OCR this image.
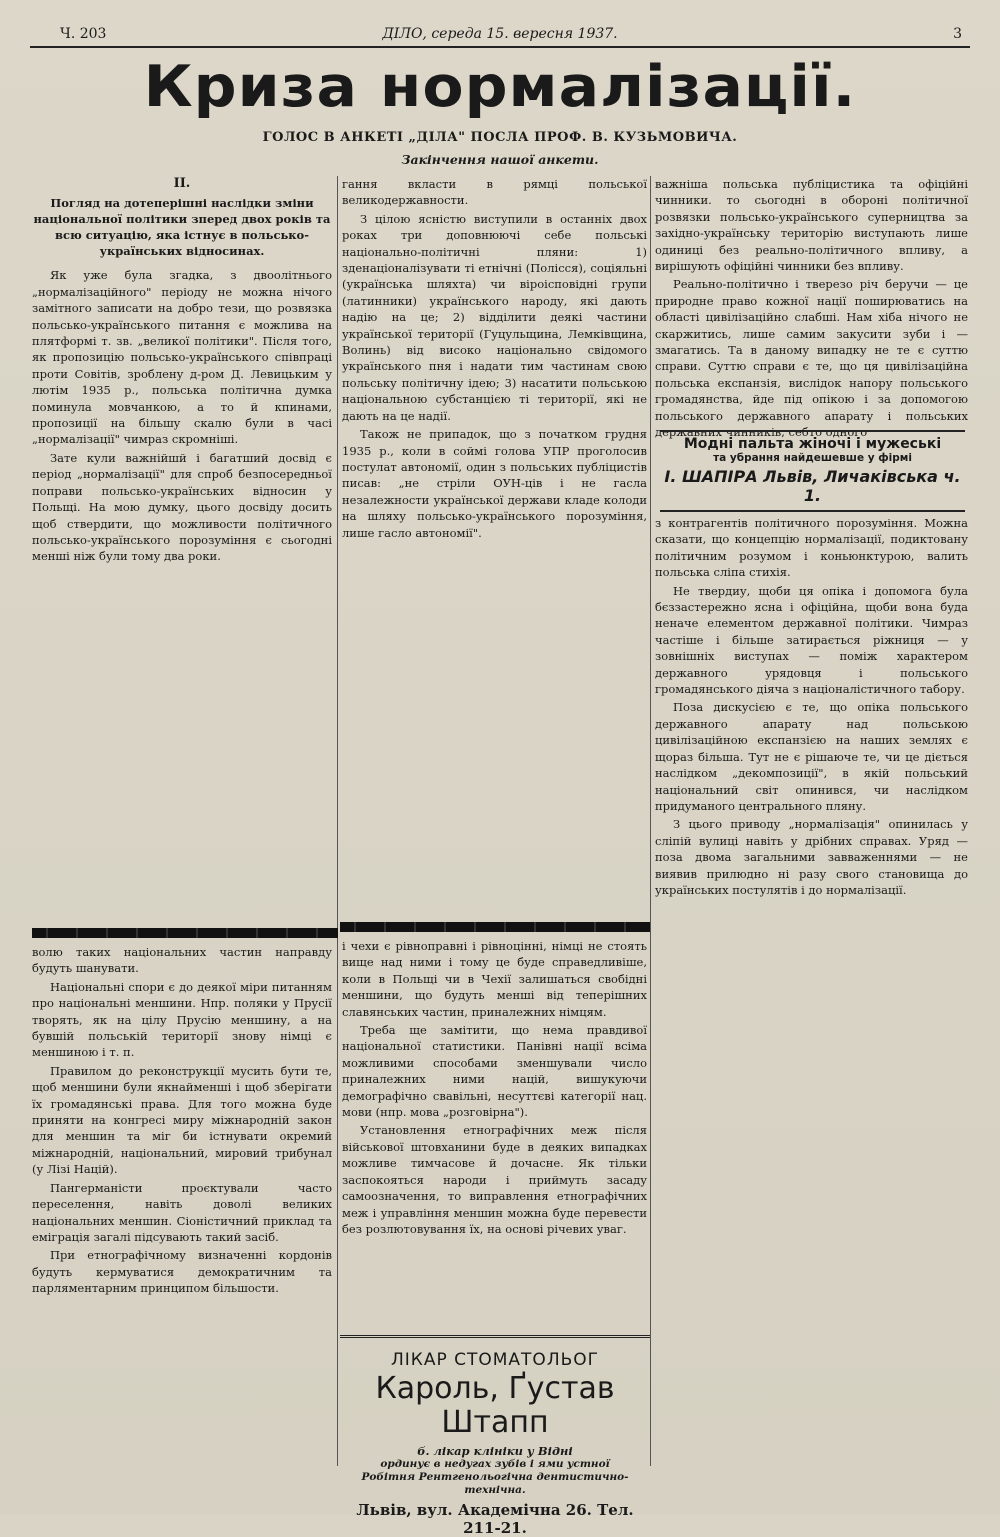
Ч. 203	ДІЛО, середа 15. вересня 1937.	3
Криза нормалізації.
ГОЛОС В АНКЕТІ „ДІЛА" ПОСЛА ПРОФ. В. КУЗЬМОВИЧА.
Закінчення нашої анкети.

II.

Погляд на дотеперішні наслідки зміни національної політики зперед двох років та всю ситуацію, яка істнує в польсько-українських відносинах.

Як уже була згадка, з двоолітнього „нормалізаційного" періоду не можна нічого замітного записати на добро тези, що розвязка польсько-українського питання є можлива на плятформі т. зв. „великої політики". Після того, як пропозицію польсько-українського співпраці проти Совітів, зроблену д-ром Д. Левицьким у лютім 1935 р., польська політична думка поминула мовчанкою, а то й кпинами, пропозиції на більшу скалю були в часі „нормалізації" чимраз скромніші.

Зате кули важнійшй і багатший досвід є період „нормалізації" для спроб безпосередньої поправи польсько-українських відносин у Польщі. На мою думку, цього досвіду досить щоб ствердити, що можливости політичного польсько-українського порозуміння є сьогодні менші ніж були тому два роки.

гання вкласти в рямці польської великодержавности.

З цілою ясністю виступили в останніх двох роках три доповнюючі себе польські національно-політичні пляни: 1) зденаціоналізувати ті етнічні (Полісся), соціяльні (українська шляхта) чи віроісповідні групи (латинники) українського народу, які дають надію на це; 2) відділити деякі частини української території (Гуцульщина, Лемківщина, Волинь) від високо національно свідомого українського пня і надати тим частинам свою польську політичну ідею; 3) насатити польською національною субстанцією ті території, які не дають на це надії.

Також не припадок, що з початком грудня 1935 р., коли в соймі голова УПР проголосив постулат автономії, один з польських публіцистів писав: „не стріли ОУН-ців і не гасла незалежности української держави кладе колоди на шляху польсько-українського порозуміння, лише гасло автономії".

важніша польська публіцистика та офіційні чинники. то сьогодні в обороні політичної розвязки польсько-українського суперництва за західно-українську територію виступають лише одиниці без реально-політичного впливу, а вирішують офіційні чинники без впливу.

Реально-політично і тверезо річ беручи — це природне право кожної нації поширюватись на області цивілізаційно слабші. Нам хіба нічого не скаржитись, лише самим закусити зуби і — змагатись. Та в даному випадку не те є суттю справи. Суттю справи є те, що ця цивілізаційна польська експанзія, вислідок напору польського громадянства, йде під опікою і за допомогою польського державного апарату і польських державних чинників, себто одного

Модні пальта жіночі і мужеські
та убрання найдешевше у фірмі
І. ШАПІРА Львів, Личаківська ч. 1.

волю таких національних частин направду будуть шанувати.

Національні спори є до деякої міри питанням про національні меншини. Нпр. поляки у Прусії творять, як на цілу Прусію меншину, а на бувшій польській території знову німці є меншиною і т. п.

Правилом до реконструкції мусить бути те, щоб меншини були якнайменші і щоб зберігати їх громадянські права. Для того можна буде приняти на конгресі миру міжнародній закон для меншин та міг би істнувати окремий міжнародній, національний, мировий трибунал (у Лізі Націй).

Пангерманісти проєктували часто переселення, навіть доволі великих національних меншин. Сіоністичний приклад та еміграція загалі підсувають такий засіб.

При етнографічному визначенні кордонів будуть кермуватися демократичним та парляментарним принципом більшости.

і чехи є рівноправні і рівноцінні, німці не стоять вище над ними і тому це буде справедливіше, коли в Польщі чи в Чехії залишаться свобідні меншини, що будуть менші від теперішних славянських частин, приналежних німцям.

Треба ще замітити, що нема правдивої національної статистики. Панівні нації всіма можливими способами зменшували число приналежних ними націй, вишукуючи демографічно свавільні, несуттєві категорії нац. мови (нпр. мова „розговірна").

Установлення етнографічних меж після військової штовханини буде в деяких випадках можливе тимчасове й дочасне. Як тільки заспокояться народи і приймуть засаду самоозначення, то виправлення етнографічних меж і управління меншин можна буде перевести без розлютовування їх, на основі річевих уваг.

з контрагентів політичного порозуміння. Можна сказати, що концепцію нормалізації, подиктовану політичним розумом і коньюнктурою, валить польська сліпа стихія.

Не твердиу, щоби ця опіка і допомога була бєззастережно ясна і офіційна, щоби вона буда неначе елементом державної політики. Чимраз частіше і більше затирається ріжниця — у зовнішніх виступах — поміж характером державного урядовця і польського громадянського діяча з націоналістичного табору.

Поза дискусією є те, що опіка польського державного апарату над польською цивілізаційною експанзією на наших землях є щораз більша. Тут не є рішаюче те, чи це діється наслідком „декомпозиції", в якій польський національний світ опинився, чи наслідком придуманого центрального пляну.

З цього приводу „нормалізація" опинилась у сліпій вулиці навіть у дрібних справах. Уряд — поза двома загальними завваженнями — не виявив прилюдно ні разу свого становища до українських постулятів і до нормалізації.

ЛІКАР СТОМАТОЛЬОГ
Кароль, Ґустав Штапп
б. лікар клініки у Відні
ординує в недугах зубів і ями устної
Робітня Рентгенольогічна дентистично-технічна.
Львів, вул. Академічна 26. Тел. 211-21.
